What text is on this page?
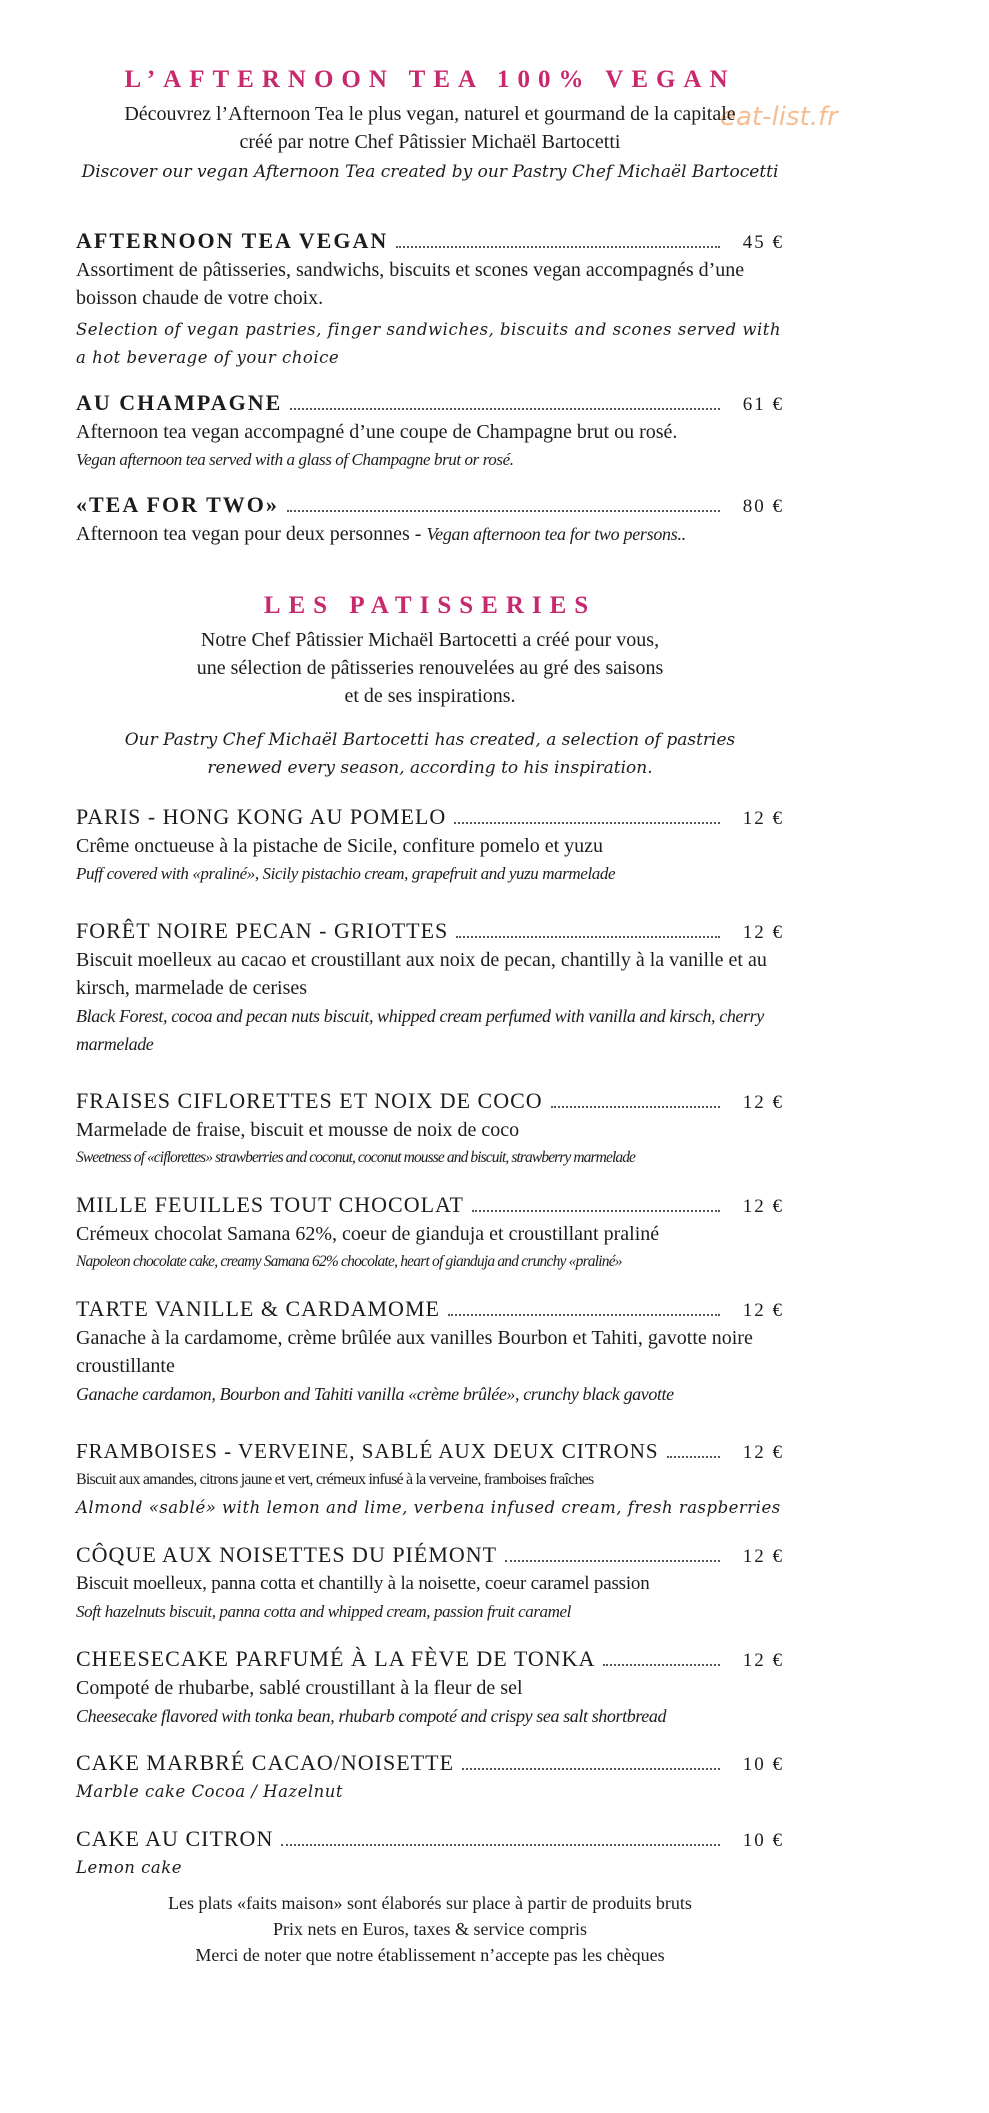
eat-list.fr
L’AFTERNOON TEA 100% VEGAN
Découvrez l’Afternoon Tea le plus vegan, naturel et gourmand de la capitale
créé par notre Chef Pâtissier Michaël Bartocetti
Discover our vegan Afternoon Tea created by our Pastry Chef Michaël Bartocetti
AFTERNOON TEA VEGAN	45 €
Assortiment de pâtisseries, sandwichs, biscuits et scones vegan accompagnés d’une boisson chaude de votre choix.
Selection of vegan pastries, finger sandwiches, biscuits and scones served with a hot beverage of your choice
AU CHAMPAGNE	61 €
Afternoon tea vegan accompagné d’une coupe de Champagne brut ou rosé.
Vegan afternoon tea served with a glass of Champagne brut or rosé.
«TEA FOR TWO»	80 €
Afternoon tea vegan pour deux personnes - Vegan afternoon tea for two persons..
LES PATISSERIES
Notre Chef Pâtissier Michaël Bartocetti a créé pour vous,
une sélection de pâtisseries renouvelées au gré des saisons
et de ses inspirations.
Our Pastry Chef Michaël Bartocetti has created, a selection of pastries
renewed every season, according to his inspiration.
PARIS - HONG KONG AU POMELO	12 €
Crême onctueuse à la pistache de Sicile, confiture pomelo et yuzu
Puff covered with «praliné», Sicily pistachio cream, grapefruit and yuzu marmelade
FORÊT NOIRE PECAN - GRIOTTES	12 €
Biscuit moelleux au cacao et croustillant aux noix de pecan, chantilly à la vanille et au kirsch, marmelade de cerises
Black Forest, cocoa and pecan nuts biscuit, whipped cream perfumed with vanilla and kirsch, cherry marmelade
FRAISES CIFLORETTES ET NOIX DE COCO	12 €
Marmelade de fraise, biscuit et mousse de noix de coco
Sweetness of «ciflorettes» strawberries and coconut, coconut mousse and biscuit, strawberry marmelade
MILLE FEUILLES TOUT CHOCOLAT	12 €
Crémeux chocolat Samana 62%, coeur de gianduja et croustillant praliné
Napoleon chocolate cake, creamy Samana 62% chocolate, heart of gianduja and crunchy «praliné»
TARTE VANILLE & CARDAMOME	12 €
Ganache à la cardamome, crème brûlée aux vanilles Bourbon et Tahiti, gavotte noire croustillante
Ganache cardamon, Bourbon and Tahiti vanilla «crème brûlée», crunchy black gavotte
FRAMBOISES - VERVEINE, SABLÉ AUX DEUX CITRONS	12 €
Biscuit aux amandes, citrons jaune et vert, crémeux infusé à la verveine, framboises fraîches
Almond «sablé» with lemon and lime, verbena infused cream, fresh raspberries
CÔQUE AUX NOISETTES DU PIÉMONT	12 €
Biscuit moelleux, panna cotta et chantilly à la noisette, coeur caramel passion
Soft hazelnuts biscuit, panna cotta and whipped cream, passion fruit caramel
CHEESECAKE PARFUMÉ À LA FÈVE DE TONKA	12 €
Compoté de rhubarbe, sablé croustillant à la fleur de sel
Cheesecake flavored with tonka bean, rhubarb compoté and crispy sea salt shortbread
CAKE MARBRÉ CACAO/NOISETTE	10 €
Marble cake Cocoa / Hazelnut
CAKE AU CITRON	10 €
Lemon cake
Les plats «faits maison» sont élaborés sur place à partir de produits bruts
Prix nets en Euros, taxes & service compris
Merci de noter que notre établissement n’accepte pas les chèques
